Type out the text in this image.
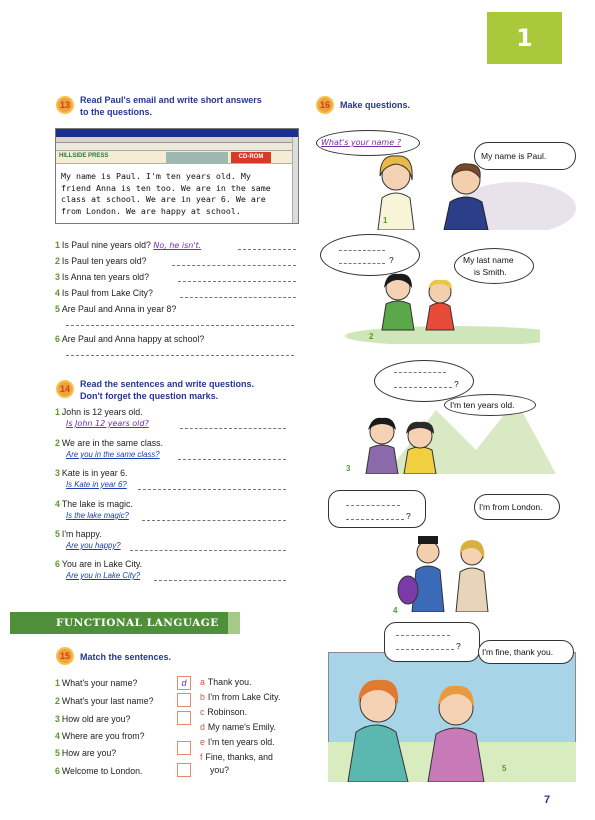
1
13	Read Paul's email and write short answers
to the questions.
HILLSIDE PRESS	CD-ROM
My name is Paul. I'm ten years old. My
friend Anna is ten too. We are in the same
class at school. We are in year 6. We are
from London. We are happy at school.
1 Is Paul nine years old? No, he isn't.
2 Is Paul ten years old?
3 Is Anna ten years old?
4 Is Paul from Lake City?
5 Are Paul and Anna in year 8?
6 Are Paul and Anna happy at school?
14	Read the sentences and write questions.
Don't forget the question marks.
1 John is 12 years old.
Is John 12 years old?
2 We are in the same class.
Are you in the same class?
3 Kate is in year 6.
Is Kate in year 6?
4 The lake is magic.
Is the lake magic?
5 I'm happy.
Are you happy?
6 You are in Lake City.
Are you in Lake City?
FUNCTIONAL LANGUAGE
15	Match the sentences.
1 What's your name?
2 What's your last name?
3 How old are you?
4 Where are you from?
5 How are you?
6 Welcome to London.
d	a Thank you.
b I'm from Lake City.
c Robinson.
d My name's Emily.
e I'm ten years old.
f Fine, thanks, and
you?
16	Make questions.
What's your name ?
My name is Paul.
1
?	My last name
is Smith.
2
?
I'm ten years old.
3
?
I'm from London.
4
?
I'm fine, thank you.
5
7
